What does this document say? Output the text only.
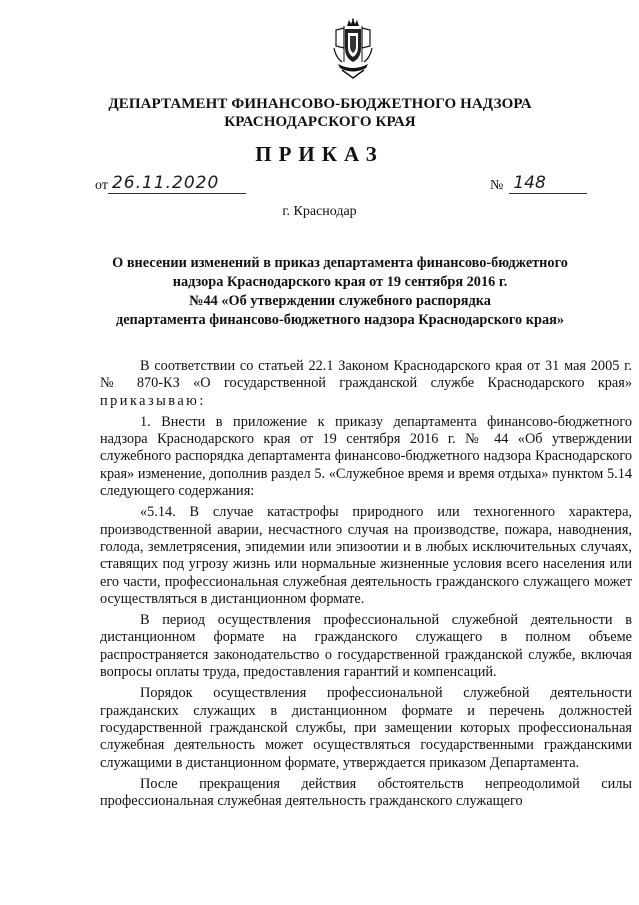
ДЕПАРТАМЕНТ ФИНАНСОВО-БЮДЖЕТНОГО НАДЗОРА
КРАСНОДАРСКОГО КРАЯ
ПРИКАЗ
от 26.11.2020	№ 148
г. Краснодар
О внесении изменений в приказ департамента финансово-бюджетного
надзора Краснодарского края от 19 сентября 2016 г.
№44 «Об утверждении служебного распорядка
департамента финансово-бюджетного надзора Краснодарского края»

В соответствии со статьей 22.1 Законом Краснодарского края от 31 мая 2005 г. № 870-КЗ «О государственной гражданской службе Краснодарского края» приказываю:

1. Внести в приложение к приказу департамента финансово-бюджетного надзора Краснодарского края от 19 сентября 2016 г. № 44 «Об утверждении служебного распорядка департамента финансово-бюджетного надзора Краснодарского края» изменение, дополнив раздел 5. «Служебное время и время отдыха» пунктом 5.14 следующего содержания:

«5.14. В случае катастрофы природного или техногенного характера, производственной аварии, несчастного случая на производстве, пожара, наводнения, голода, землетрясения, эпидемии или эпизоотии и в любых исключительных случаях, ставящих под угрозу жизнь или нормальные жизненные условия всего населения или его части, профессиональная служебная деятельность гражданского служащего может осуществляться в дистанционном формате.

В период осуществления профессиональной служебной деятельности в дистанционном формате на гражданского служащего в полном объеме распространяется законодательство о государственной гражданской службе, включая вопросы оплаты труда, предоставления гарантий и компенсаций.

Порядок осуществления профессиональной служебной деятельности гражданских служащих в дистанционном формате и перечень должностей государственной гражданской службы, при замещении которых профессиональная служебная деятельность может осуществляться государственными гражданскими служащими в дистанционном формате, утверждается приказом Департамента.

После прекращения действия обстоятельств непреодолимой силы профессиональная служебная деятельность гражданского служащего
